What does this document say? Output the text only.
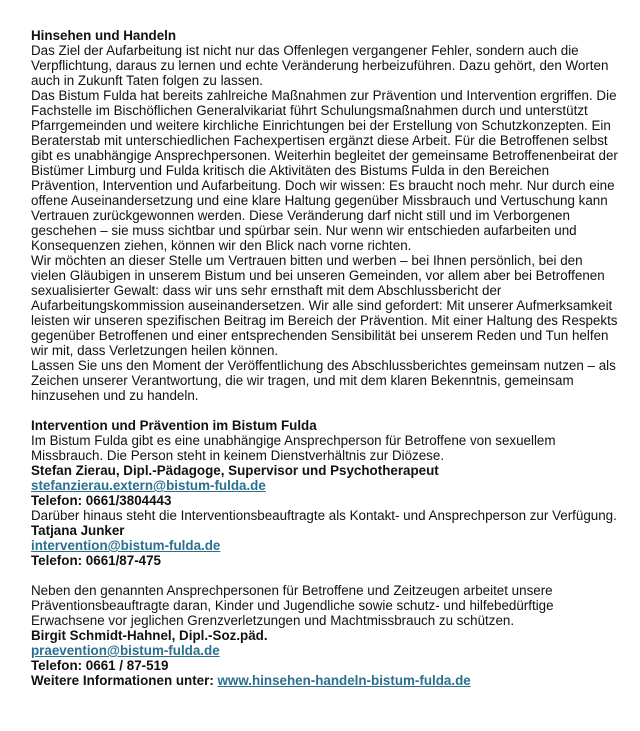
Hinsehen und Handeln

Das Ziel der Aufarbeitung ist nicht nur das Offenlegen vergangener Fehler, sondern auch die Verpflichtung, daraus zu lernen und echte Veränderung herbeizuführen. Dazu gehört, den Worten auch in Zukunft Taten folgen zu lassen.

Das Bistum Fulda hat bereits zahlreiche Maßnahmen zur Prävention und Intervention ergriffen. Die Fachstelle im Bischöflichen Generalvikariat führt Schulungsmaßnahmen durch und unterstützt Pfarrgemeinden und weitere kirchliche Einrichtungen bei der Erstellung von Schutzkonzepten. Ein Beraterstab mit unterschiedlichen Fachexpertisen ergänzt diese Arbeit. Für die Betroffenen selbst gibt es unabhängige Ansprechpersonen. Weiterhin begleitet der gemeinsame Betroffenenbeirat der Bistümer Limburg und Fulda kritisch die Aktivitäten des Bistums Fulda in den Bereichen Prävention, Intervention und Aufarbeitung. Doch wir wissen: Es braucht noch mehr. Nur durch eine offene Auseinandersetzung und eine klare Haltung gegenüber Missbrauch und Vertuschung kann Vertrauen zurückgewonnen werden. Diese Veränderung darf nicht still und im Verborgenen geschehen – sie muss sichtbar und spürbar sein. Nur wenn wir entschieden aufarbeiten und Konsequenzen ziehen, können wir den Blick nach vorne richten.

Wir möchten an dieser Stelle um Vertrauen bitten und werben – bei Ihnen persönlich, bei den vielen Gläubigen in unserem Bistum und bei unseren Gemeinden, vor allem aber bei Betroffenen sexualisierter Gewalt: dass wir uns sehr ernsthaft mit dem Abschlussbericht der Aufarbeitungskommission auseinandersetzen. Wir alle sind gefordert: Mit unserer Aufmerksamkeit leisten wir unseren spezifischen Beitrag im Bereich der Prävention. Mit einer Haltung des Respekts gegenüber Betroffenen und einer entsprechenden Sensibilität bei unserem Reden und Tun helfen wir mit, dass Verletzungen heilen können.

Lassen Sie uns den Moment der Veröffentlichung des Abschlussberichtes gemeinsam nutzen – als Zeichen unserer Verantwortung, die wir tragen, und mit dem klaren Bekenntnis, gemeinsam hinzusehen und zu handeln.

Intervention und Prävention im Bistum Fulda

Im Bistum Fulda gibt es eine unabhängige Ansprechperson für Betroffene von sexuellem Missbrauch. Die Person steht in keinem Dienstverhältnis zur Diözese.

Stefan Zierau, Dipl.-Pädagoge, Supervisor und Psychotherapeut

stefanzierau.extern@bistum-fulda.de

Telefon: 0661/3804443

Darüber hinaus steht die Interventionsbeauftragte als Kontakt- und Ansprechperson zur Verfügung.

Tatjana Junker

intervention@bistum-fulda.de

Telefon: 0661/87-475

Neben den genannten Ansprechpersonen für Betroffene und Zeitzeugen arbeitet unsere Präventionsbeauftragte daran, Kinder und Jugendliche sowie schutz- und hilfebedürftige Erwachsene vor jeglichen Grenzverletzungen und Machtmissbrauch zu schützen.

Birgit Schmidt-Hahnel, Dipl.-Soz.päd.

praevention@bistum-fulda.de

Telefon: 0661 / 87-519

Weitere Informationen unter: www.hinsehen-handeln-bistum-fulda.de
